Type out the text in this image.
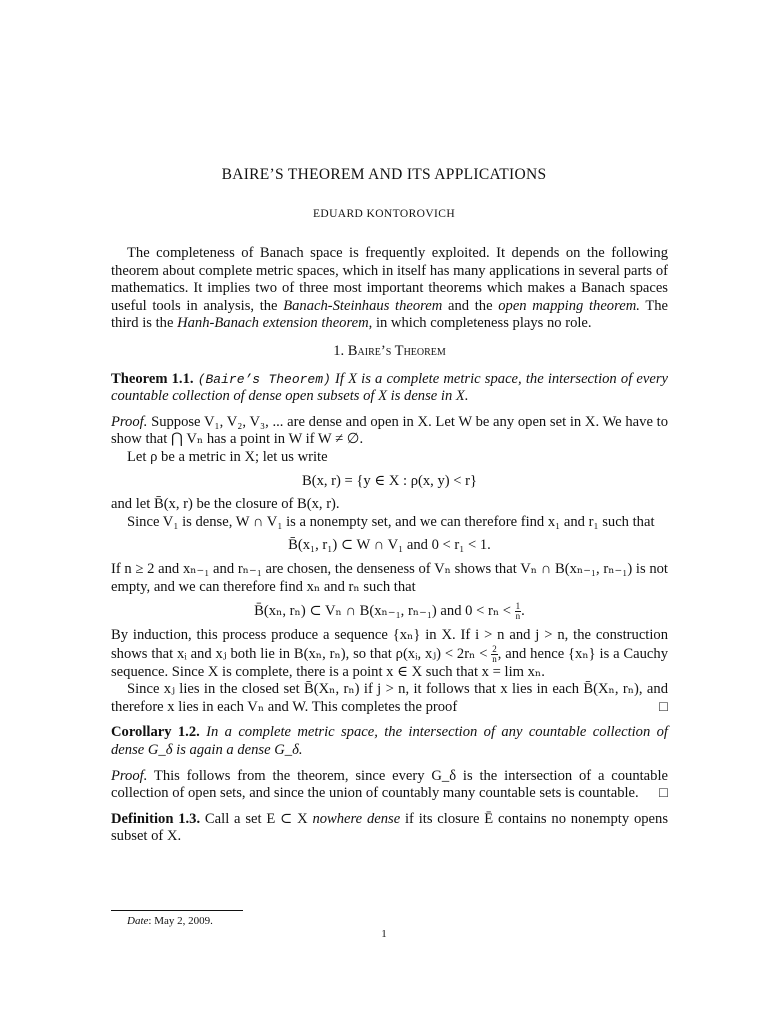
BAIRE’S THEOREM AND ITS APPLICATIONS
EDUARD KONTOROVICH

The completeness of Banach space is frequently exploited. It depends on the following theorem about complete metric spaces, which in itself has many applications in several parts of mathematics. It implies two of three most important theorems which makes a Banach spaces useful tools in analysis, the Banach-Steinhaus theorem and the open mapping theorem. The third is the Hanh-Banach extension theorem, in which completeness plays no role.

1. Baire’s Theorem

Theorem 1.1. (Baire’s Theorem) If X is a complete metric space, the intersection of every countable collection of dense open subsets of X is dense in X.

Proof. Suppose V₁, V₂, V₃, ... are dense and open in X. Let W be any open set in X. We have to show that ⋂ Vₙ has a point in W if W ≠ ∅.

Let ρ be a metric in X; let us write

B(x, r) = {y ∈ X : ρ(x, y) < r}

and let B̄(x, r) be the closure of B(x, r).

Since V₁ is dense, W ∩ V₁ is a nonempty set, and we can therefore find x₁ and r₁ such that

B̄(x₁, r₁) ⊂ W ∩ V₁ and 0 < r₁ < 1.

If n ≥ 2 and xₙ₋₁ and rₙ₋₁ are chosen, the denseness of Vₙ shows that Vₙ ∩ B(xₙ₋₁, rₙ₋₁) is not empty, and we can therefore find xₙ and rₙ such that

B̄(xₙ, rₙ) ⊂ Vₙ ∩ B(xₙ₋₁, rₙ₋₁) and $0 < r_n < \frac{1}{n}$ .

By induction, this process produce a sequence {xₙ} in X. If i > n and j > n, the construction shows that xᵢ and xⱼ both lie in B(xₙ, rₙ), so that ρ(xᵢ, xⱼ) < $2r_n < \frac{2}{n}$ , and hence {xₙ} is a Cauchy sequence. Since X is complete, there is a point x ∈ X such that x = lim xₙ.

Since xⱼ lies in the closed set B̄(Xₙ, rₙ) if j > n, it follows that x lies in each B̄(Xₙ, rₙ), and therefore x lies in each Vₙ and W. This completes the proof	□

Corollary 1.2. In a complete metric space, the intersection of any countable collection of dense G_δ is again a dense G_δ.

Proof. This follows from the theorem, since every G_δ is the intersection of a countable collection of open sets, and since the union of countably many countable sets is countable. □

Definition 1.3. Call a set E ⊂ X nowhere dense if its closure Ē contains no nonempty opens subset of X.

Date: May 2, 2009.
1
